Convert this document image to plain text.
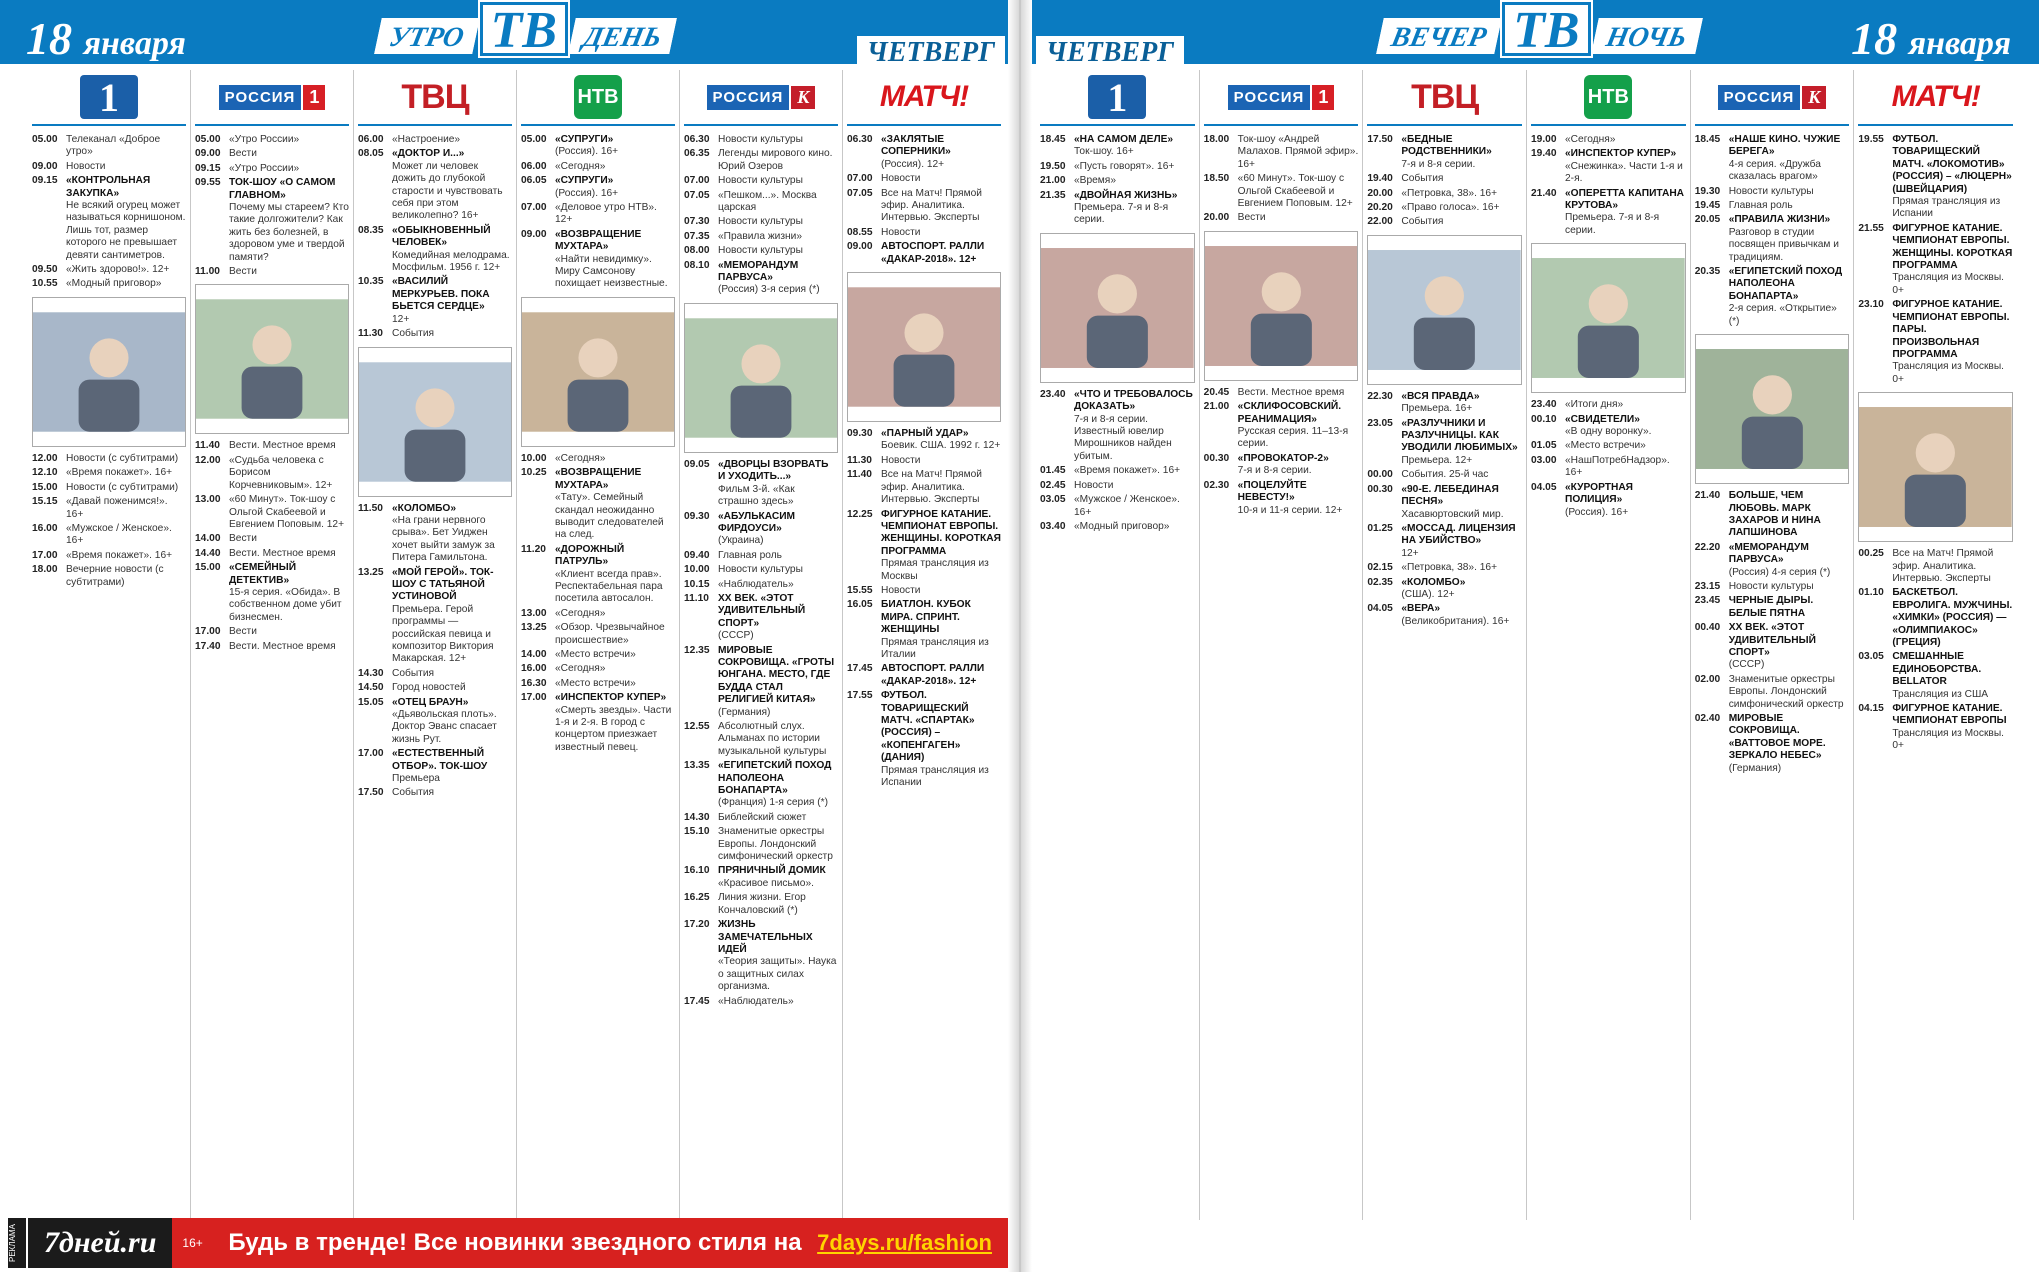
18 января	УТРО ТВ ДЕНЬ	ЧЕТВЕРГ
1
05.00 Телеканал «Доброе утро»
09.00 Новости
09.15 «КОНТРОЛЬНАЯ ЗАКУПКА»
Не всякий огурец может называться корнишоном. Лишь тот, размер которого не превышает девяти сантиметров.
09.50 «Жить здорово!». 12+
10.55 «Модный приговор»
12.00 Новости (с субтитрами)
12.10 «Время покажет». 16+
15.00 Новости (с субтитрами)
15.15 «Давай поженимся!». 16+
16.00 «Мужское / Женское». 16+
17.00 «Время покажет». 16+
18.00 Вечерние новости (с субтитрами)
РОССИЯ 1
05.00 «Утро России»
09.00 Вести
09.15 «Утро России»
09.55 ТОК-ШОУ «О САМОМ ГЛАВНОМ»
Почему мы стареем? Кто такие долгожители? Как жить без болезней, в здоровом уме и твердой памяти?
11.00 Вести
11.40 Вести. Местное время
12.00 «Судьба человека с Борисом Корчевниковым». 12+
13.00 «60 Минут». Ток-шоу с Ольгой Скабеевой и Евгением Поповым. 12+
14.00 Вести
14.40 Вести. Местное время
15.00 «СЕМЕЙНЫЙ ДЕТЕКТИВ»
15-я серия. «Обида». В собственном доме убит бизнесмен.
17.00 Вести
17.40 Вести. Местное время
ТВЦ
06.00 «Настроение»
08.05 «ДОКТОР И...»
Может ли человек дожить до глубокой старости и чувствовать себя при этом великолепно? 16+
08.35 «ОБЫКНОВЕННЫЙ ЧЕЛОВЕК»
Комедийная мелодрама. Мосфильм. 1956 г. 12+
10.35 «ВАСИЛИЙ МЕРКУРЬЕВ. ПОКА БЬЕТСЯ СЕРДЦЕ»
12+
11.30 События
11.50 «КОЛОМБО»
«На грани нервного срыва». Бет Уиджен хочет выйти замуж за Питера Гамильтона.
13.25 «МОЙ ГЕРОЙ». ТОК-ШОУ С ТАТЬЯНОЙ УСТИНОВОЙ
Премьера. Герой программы — российская певица и композитор Виктория Макарская. 12+
14.30 События
14.50 Город новостей
15.05 «ОТЕЦ БРАУН»
«Дьявольская плоть». Доктор Эванс спасает жизнь Рут.
17.00 «ЕСТЕСТВЕННЫЙ ОТБОР». ТОК-ШОУ
Премьера
17.50 События
НТВ
05.00 «СУПРУГИ»
(Россия). 16+
06.00 «Сегодня»
06.05 «СУПРУГИ»
(Россия). 16+
07.00 «Деловое утро НТВ». 12+
09.00 «ВОЗВРАЩЕНИЕ МУХТАРА»
«Найти невидимку». Миру Самсонову похищает неизвестные.
10.00 «Сегодня»
10.25 «ВОЗВРАЩЕНИЕ МУХТАРА»
«Тату». Семейный скандал неожиданно выводит следователей на след.
11.20 «ДОРОЖНЫЙ ПАТРУЛЬ»
«Клиент всегда прав». Респектабельная пара посетила автосалон.
13.00 «Сегодня»
13.25 «Обзор. Чрезвычайное происшествие»
14.00 «Место встречи»
16.00 «Сегодня»
16.30 «Место встречи»
17.00 «ИНСПЕКТОР КУПЕР»
«Смерть звезды». Части 1-я и 2-я. В город с концертом приезжает известный певец.
РОССИЯ К
06.30 Новости культуры
06.35 Легенды мирового кино. Юрий Озеров
07.00 Новости культуры
07.05 «Пешком...». Москва царская
07.30 Новости культуры
07.35 «Правила жизни»
08.00 Новости культуры
08.10 «МЕМОРАНДУМ ПАРВУСА»
(Россия) 3-я серия (*)
09.05 «ДВОРЦЫ ВЗОРВАТЬ И УХОДИТЬ...»
Фильм 3-й. «Как страшно здесь»
09.30 «АБУЛЬКАСИМ ФИРДОУСИ»
(Украина)
09.40 Главная роль
10.00 Новости культуры
10.15 «Наблюдатель»
11.10 XX ВЕК. «ЭТОТ УДИВИТЕЛЬНЫЙ СПОРТ»
(СССР)
12.35 МИРОВЫЕ СОКРОВИЩА. «ГРОТЫ ЮНГАНА. МЕСТО, ГДЕ БУДДА СТАЛ РЕЛИГИЕЙ КИТАЯ»
(Германия)
12.55 Абсолютный слух. Альманах по истории музыкальной культуры
13.35 «ЕГИПЕТСКИЙ ПОХОД НАПОЛЕОНА БОНАПАРТА»
(Франция) 1-я серия (*)
14.30 Библейский сюжет
15.10 Знаменитые оркестры Европы. Лондонский симфонический оркестр
16.10 ПРЯНИЧНЫЙ ДОМИК
«Красивое письмо».
16.25 Линия жизни. Егор Кончаловский (*)
17.20 ЖИЗНЬ ЗАМЕЧАТЕЛЬНЫХ ИДЕЙ
«Теория защиты». Наука о защитных силах организма.
17.45 «Наблюдатель»
МАТЧ!
06.30 «ЗАКЛЯТЫЕ СОПЕРНИКИ»
(Россия). 12+
07.00 Новости
07.05 Все на Матч! Прямой эфир. Аналитика. Интервью. Эксперты
08.55 Новости
09.00 АВТОСПОРТ. РАЛЛИ «ДАКАР-2018». 12+
09.30 «ПАРНЫЙ УДАР»
Боевик. США. 1992 г. 12+
11.30 Новости
11.40 Все на Матч! Прямой эфир. Аналитика. Интервью. Эксперты
12.25 ФИГУРНОЕ КАТАНИЕ. ЧЕМПИОНАТ ЕВРОПЫ. ЖЕНЩИНЫ. КОРОТКАЯ ПРОГРАММА
Прямая трансляция из Москвы
15.55 Новости
16.05 БИАТЛОН. КУБОК МИРА. СПРИНТ. ЖЕНЩИНЫ
Прямая трансляция из Италии
17.45 АВТОСПОРТ. РАЛЛИ «ДАКАР-2018». 12+
17.55 ФУТБОЛ. ТОВАРИЩЕСКИЙ МАТЧ. «СПАРТАК» (РОССИЯ) – «КОПЕНГАГЕН» (ДАНИЯ)
Прямая трансляция из Испании
РЕКЛАМА 7дней.ru	16+	Будь в тренде! Все новинки звездного стиля на 7days.ru/fashion
ЧЕТВЕРГ	ВЕЧЕР ТВ НОЧЬ	18 января
1
18.45 «НА САМОМ ДЕЛЕ»
Ток-шоу. 16+
19.50 «Пусть говорят». 16+
21.00 «Время»
21.35 «ДВОЙНАЯ ЖИЗНЬ»
Премьера. 7-я и 8-я серии.
23.40 «ЧТО И ТРЕБОВАЛОСЬ ДОКАЗАТЬ»
7-я и 8-я серии. Известный ювелир Мирошников найден убитым.
01.45 «Время покажет». 16+
02.45 Новости
03.05 «Мужское / Женское». 16+
03.40 «Модный приговор»
РОССИЯ 1
18.00 Ток-шоу «Андрей Малахов. Прямой эфир». 16+
18.50 «60 Минут». Ток-шоу с Ольгой Скабеевой и Евгением Поповым. 12+
20.00 Вести
20.45 Вести. Местное время
21.00 «СКЛИФОСОВСКИЙ. РЕАНИМАЦИЯ»
Русская серия. 11–13-я серии.
00.30 «ПРОВОКАТОР-2»
7-я и 8-я серии.
02.30 «ПОЦЕЛУЙТЕ НЕВЕСТУ!»
10-я и 11-я серии. 12+
ТВЦ
17.50 «БЕДНЫЕ РОДСТВЕННИКИ»
7-я и 8-я серии.
19.40 События
20.00 «Петровка, 38». 16+
20.20 «Право голоса». 16+
22.00 События
22.30 «ВСЯ ПРАВДА»
Премьера. 16+
23.05 «РАЗЛУЧНИКИ И РАЗЛУЧНИЦЫ. КАК УВОДИЛИ ЛЮБИМЫХ»
Премьера. 12+
00.00 События. 25-й час
00.30 «90-Е. ЛЕБЕДИНАЯ ПЕСНЯ»
Хасавюртовский мир.
01.25 «МОССАД. ЛИЦЕНЗИЯ НА УБИЙСТВО»
12+
02.15 «Петровка, 38». 16+
02.35 «КОЛОМБО»
(США). 12+
04.05 «ВЕРА»
(Великобритания). 16+
НТВ
19.00 «Сегодня»
19.40 «ИНСПЕКТОР КУПЕР»
«Снежинка». Части 1-я и 2-я.
21.40 «ОПЕРЕТТА КАПИТАНА КРУТОВА»
Премьера. 7-я и 8-я серии.
23.40 «Итоги дня»
00.10 «СВИДЕТЕЛИ»
«В одну воронку».
01.05 «Место встречи»
03.00 «НашПотребНадзор». 16+
04.05 «КУРОРТНАЯ ПОЛИЦИЯ»
(Россия). 16+
РОССИЯ К
18.45 «НАШЕ КИНО. ЧУЖИЕ БЕРЕГА»
4-я серия. «Дружба сказалась врагом»
19.30 Новости культуры
19.45 Главная роль
20.05 «ПРАВИЛА ЖИЗНИ»
Разговор в студии посвящен привычкам и традициям.
20.35 «ЕГИПЕТСКИЙ ПОХОД НАПОЛЕОНА БОНАПАРТА»
2-я серия. «Открытие» (*)
21.40 БОЛЬШЕ, ЧЕМ ЛЮБОВЬ. МАРК ЗАХАРОВ И НИНА ЛАПШИНОВА
22.20 «МЕМОРАНДУМ ПАРВУСА»
(Россия) 4-я серия (*)
23.15 Новости культуры
23.45 ЧЕРНЫЕ ДЫРЫ. БЕЛЫЕ ПЯТНА
00.40 XX ВЕК. «ЭТОТ УДИВИТЕЛЬНЫЙ СПОРТ»
(СССР)
02.00 Знаменитые оркестры Европы. Лондонский симфонический оркестр
02.40 МИРОВЫЕ СОКРОВИЩА. «ВАТТОВОЕ МОРЕ. ЗЕРКАЛО НЕБЕС»
(Германия)
МАТЧ!
19.55 ФУТБОЛ. ТОВАРИЩЕСКИЙ МАТЧ. «ЛОКОМОТИВ» (РОССИЯ) – «ЛЮЦЕРН» (ШВЕЙЦАРИЯ)
Прямая трансляция из Испании
21.55 ФИГУРНОЕ КАТАНИЕ. ЧЕМПИОНАТ ЕВРОПЫ. ЖЕНЩИНЫ. КОРОТКАЯ ПРОГРАММА
Трансляция из Москвы. 0+
23.10 ФИГУРНОЕ КАТАНИЕ. ЧЕМПИОНАТ ЕВРОПЫ. ПАРЫ. ПРОИЗВОЛЬНАЯ ПРОГРАММА
Трансляция из Москвы. 0+
00.25 Все на Матч! Прямой эфир. Аналитика. Интервью. Эксперты
01.10 БАСКЕТБОЛ. ЕВРОЛИГА. МУЖЧИНЫ. «ХИМКИ» (РОССИЯ) — «ОЛИМПИАКОС» (ГРЕЦИЯ)
03.05 СМЕШАННЫЕ ЕДИНОБОРСТВА. BELLATOR
Трансляция из США
04.15 ФИГУРНОЕ КАТАНИЕ. ЧЕМПИОНАТ ЕВРОПЫ
Трансляция из Москвы. 0+
